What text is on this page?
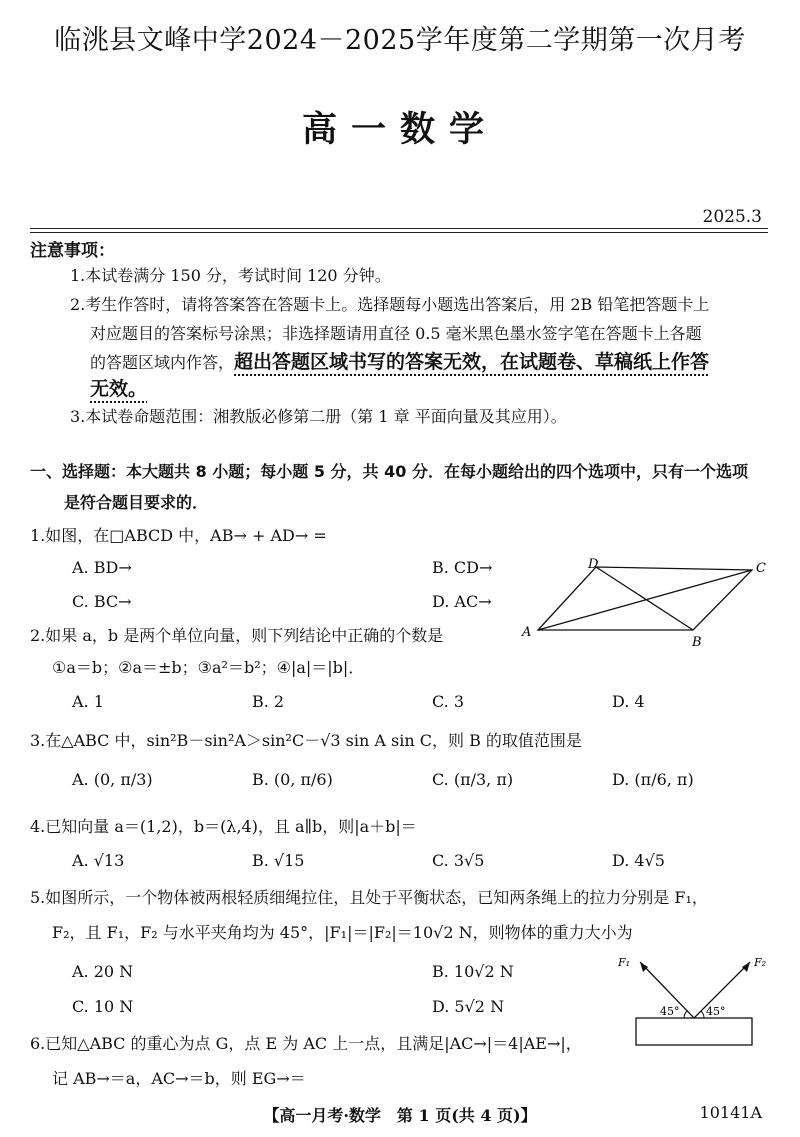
临洮县文峰中学2024－2025学年度第二学期第一次月考
高一数学
2025.3
注意事项：
1.本试卷满分 150 分，考试时间 120 分钟。
2.考生作答时，请将答案答在答题卡上。选择题每小题选出答案后，用 2B 铅笔把答题卡上
对应题目的答案标号涂黑；非选择题请用直径 0.5 毫米黑色墨水签字笔在答题卡上各题
的答题区域内作答，超出答题区域书写的答案无效，在试题卷、草稿纸上作答
无效。
3.本试卷命题范围：湘教版必修第二册（第 1 章 平面向量及其应用）。
一、选择题：本大题共 8 小题；每小题 5 分，共 40 分．在每小题给出的四个选项中，只有一个选项
是符合题目要求的．
1.如图，在□ABCD 中，AB→ + AD→ =
A. BD→	B. CD→
C. BC→	D. AC→
A
B
C
D
2.如果 a，b 是两个单位向量，则下列结论中正确的个数是
①a＝b；②a＝±b；③a²＝b²；④|a|＝|b|．
A. 1	B. 2	C. 3	D. 4
3.在△ABC 中，sin²B－sin²A＞sin²C－√3 sin A sin C，则 B 的取值范围是
A. (0, π/3)	B. (0, π/6)	C. (π/3, π)	D. (π/6, π)
4.已知向量 a＝(1,2)，b＝(λ,4)，且 a∥b，则|a＋b|＝
A. √13	B. √15	C. 3√5	D. 4√5
5.如图所示，一个物体被两根轻质细绳拉住，且处于平衡状态，已知两条绳上的拉力分别是 F₁，
F₂，且 F₁，F₂ 与水平夹角均为 45°，|F₁|＝|F₂|＝10√2 N，则物体的重力大小为
A. 20 N	B. 10√2 N
C. 10 N	D. 5√2 N
F₁	F₂
45° 45°
6.已知△ABC 的重心为点 G，点 E 为 AC 上一点，且满足|AC→|＝4|AE→|，
记 AB→＝a，AC→＝b，则 EG→＝
【高一月考·数学　第 1 页(共 4 页)】	10141A
